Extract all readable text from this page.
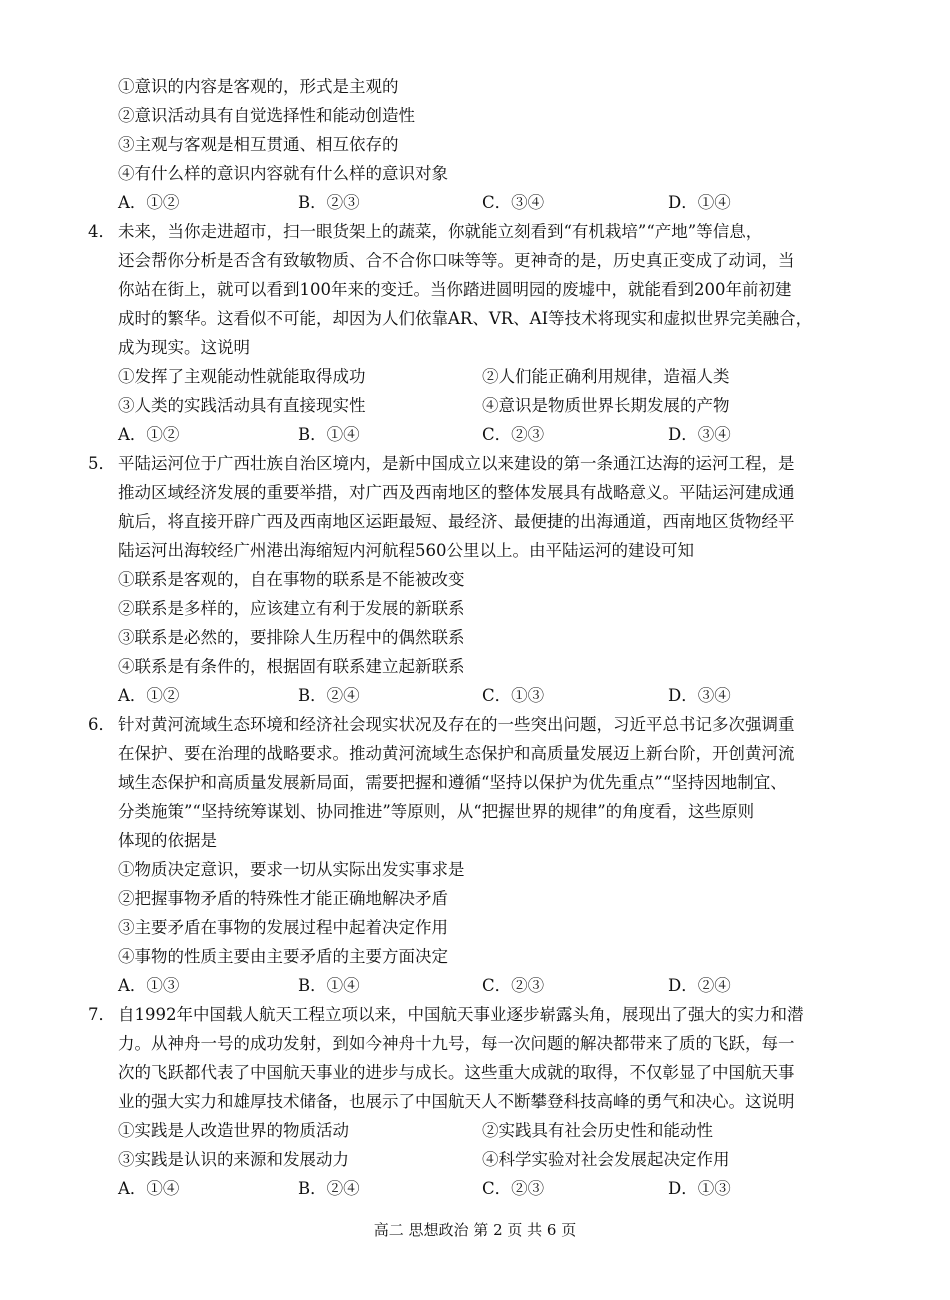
①意识的内容是客观的，形式是主观的
②意识活动具有自觉选择性和能动创造性
③主观与客观是相互贯通、相互依存的
④有什么样的意识内容就有什么样的意识对象
A．①②	B．②③	C．③④	D．①④
4． 未来，当你走进超市，扫一眼货架上的蔬菜，你就能立刻看到“有机栽培”“产地”等信息，
还会帮你分析是否含有致敏物质、合不合你口味等等。更神奇的是，历史真正变成了动词，当
你站在街上，就可以看到100年来的变迁。当你踏进圆明园的废墟中，就能看到200年前初建
成时的繁华。这看似不可能，却因为人们依靠AR、VR、AI等技术将现实和虚拟世界完美融合，
成为现实。这说明
①发挥了主观能动性就能取得成功	②人们能正确利用规律，造福人类
③人类的实践活动具有直接现实性	④意识是物质世界长期发展的产物
A．①②	B．①④	C．②③	D．③④
5． 平陆运河位于广西壮族自治区境内，是新中国成立以来建设的第一条通江达海的运河工程，是
推动区域经济发展的重要举措，对广西及西南地区的整体发展具有战略意义。平陆运河建成通
航后，将直接开辟广西及西南地区运距最短、最经济、最便捷的出海通道，西南地区货物经平
陆运河出海较经广州港出海缩短内河航程560公里以上。由平陆运河的建设可知
①联系是客观的，自在事物的联系是不能被改变
②联系是多样的，应该建立有利于发展的新联系
③联系是必然的，要排除人生历程中的偶然联系
④联系是有条件的，根据固有联系建立起新联系
A．①②	B．②④	C．①③	D．③④
6． 针对黄河流域生态环境和经济社会现实状况及存在的一些突出问题，习近平总书记多次强调重
在保护、要在治理的战略要求。推动黄河流域生态保护和高质量发展迈上新台阶，开创黄河流
域生态保护和高质量发展新局面，需要把握和遵循“坚持以保护为优先重点”“坚持因地制宜、
分类施策”“坚持统筹谋划、协同推进”等原则，从“把握世界的规律”的角度看，这些原则
体现的依据是
①物质决定意识，要求一切从实际出发实事求是
②把握事物矛盾的特殊性才能正确地解决矛盾
③主要矛盾在事物的发展过程中起着决定作用
④事物的性质主要由主要矛盾的主要方面决定
A．①③	B．①④	C．②③	D．②④
7． 自1992年中国载人航天工程立项以来，中国航天事业逐步崭露头角，展现出了强大的实力和潜
力。从神舟一号的成功发射，到如今神舟十九号，每一次问题的解决都带来了质的飞跃，每一
次的飞跃都代表了中国航天事业的进步与成长。这些重大成就的取得，不仅彰显了中国航天事
业的强大实力和雄厚技术储备，也展示了中国航天人不断攀登科技高峰的勇气和决心。这说明
①实践是人改造世界的物质活动	②实践具有社会历史性和能动性
③实践是认识的来源和发展动力	④科学实验对社会发展起决定作用
A．①④	B．②④	C．②③	D．①③
高二 思想政治 第 2 页 共 6 页
